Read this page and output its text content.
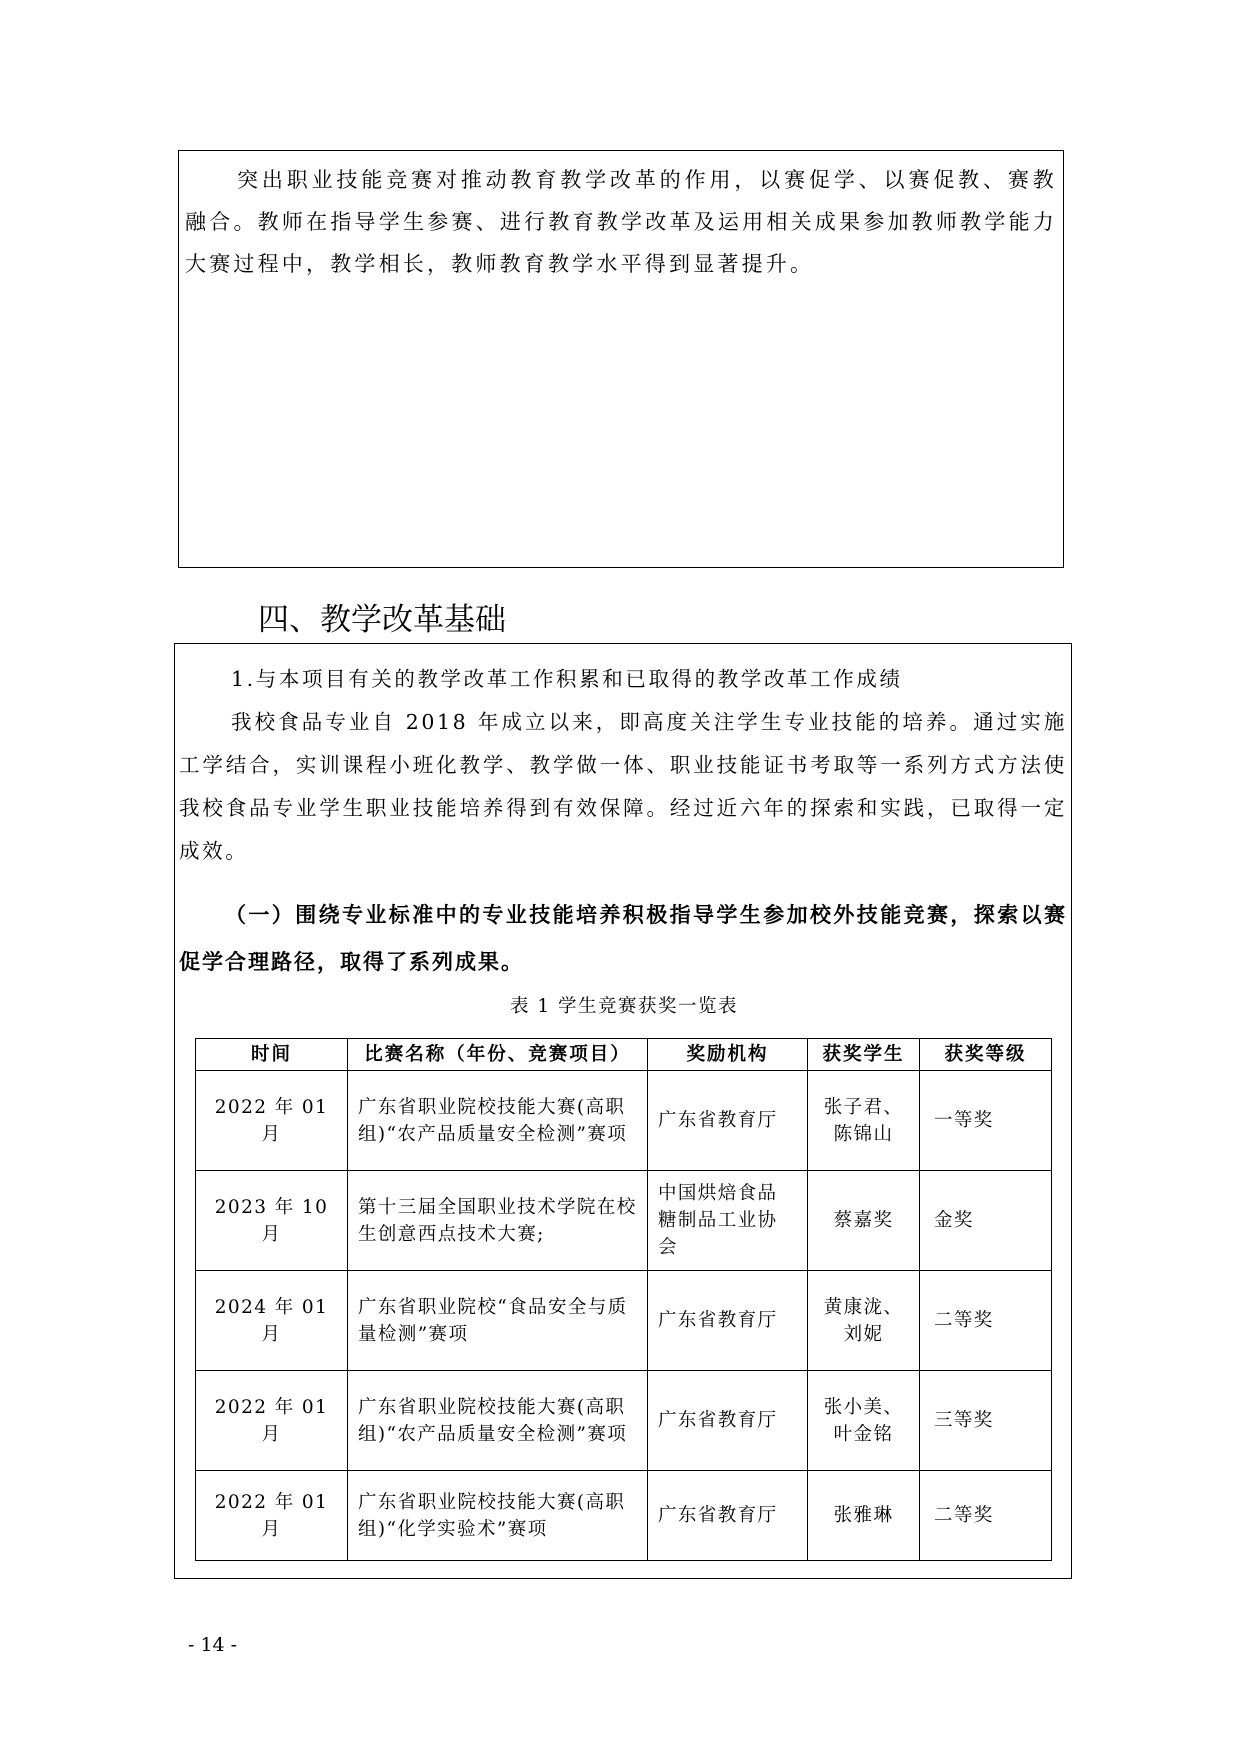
突出职业技能竞赛对推动教育教学改革的作用，以赛促学、以赛促教、赛教融合。教师在指导学生参赛、进行教育教学改革及运用相关成果参加教师教学能力大赛过程中，教学相长，教师教育教学水平得到显著提升。

四、教学改革基础

1.与本项目有关的教学改革工作积累和已取得的教学改革工作成绩

我校食品专业自 2018 年成立以来，即高度关注学生专业技能的培养。通过实施工学结合，实训课程小班化教学、教学做一体、职业技能证书考取等一系列方式方法使我校食品专业学生职业技能培养得到有效保障。经过近六年的探索和实践，已取得一定成效。

（一）围绕专业标准中的专业技能培养积极指导学生参加校外技能竞赛，探索以赛促学合理路径，取得了系列成果。

表 1 学生竞赛获奖一览表

时间	比赛名称（年份、竞赛项目）	奖励机构	获奖学生	获奖等级
2022 年 01 月	广东省职业院校技能大赛(高职组)“农产品质量安全检测”赛项	广东省教育厅	张子君、陈锦山	一等奖
2023 年 10 月	第十三届全国职业技术学院在校生创意西点技术大赛;	中国烘焙食品糖制品工业协会	蔡嘉奖	金奖
2024 年 01 月	广东省职业院校“食品安全与质量检测”赛项	广东省教育厅	黄康泷、刘妮	二等奖
2022 年 01 月	广东省职业院校技能大赛(高职组)“农产品质量安全检测”赛项	广东省教育厅	张小美、叶金铭	三等奖
2022 年 01 月	广东省职业院校技能大赛(高职组)“化学实验术”赛项	广东省教育厅	张雅琳	二等奖

- 14 -
